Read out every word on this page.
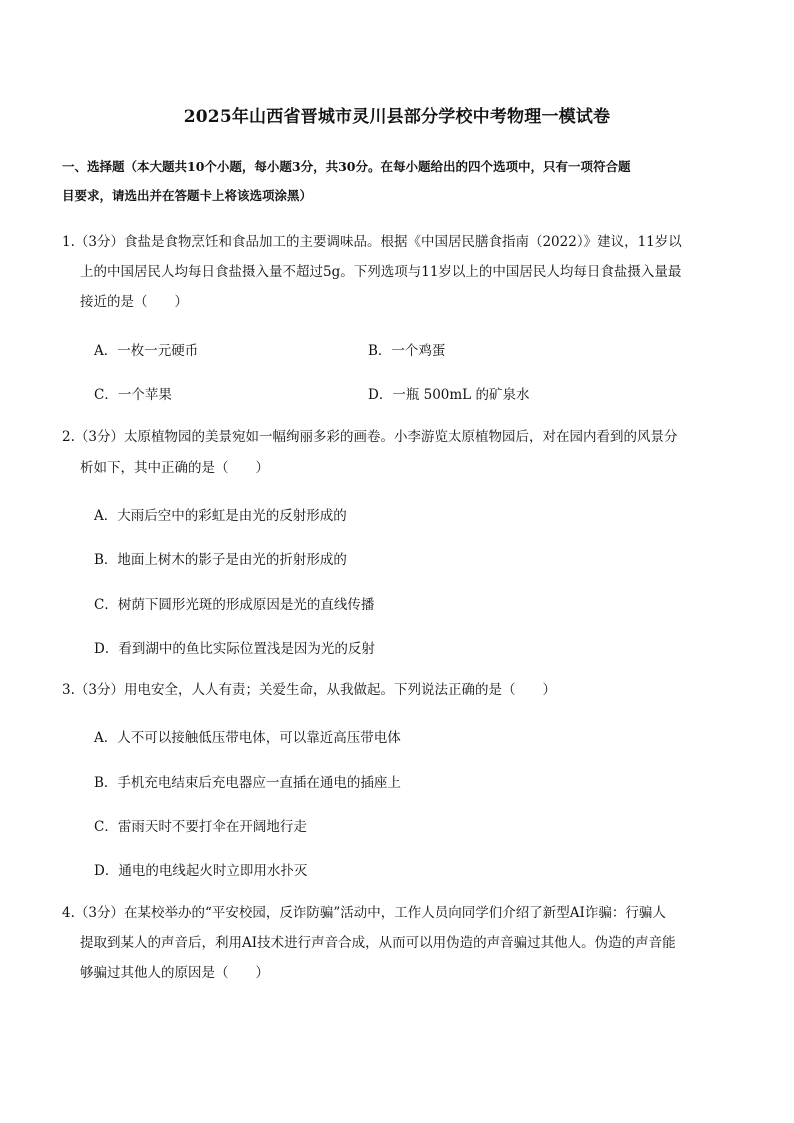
2025年山西省晋城市灵川县部分学校中考物理一模试卷
一、选择题（本大题共10个小题，每小题3分，共30分。在每小题给出的四个选项中，只有一项符合题
目要求，请选出并在答题卡上将该选项涂黑）
1.（3分）食盐是食物烹饪和食品加工的主要调味品。根据《中国居民膳食指南（2022）》建议，11岁以
上的中国居民人均每日食盐摄入量不超过5g。下列选项与11岁以上的中国居民人均每日食盐摄入量最
接近的是（　　）
A．一枚一元硬币	B．一个鸡蛋
C．一个苹果	D．一瓶 500mL 的矿泉水
2.（3分）太原植物园的美景宛如一幅绚丽多彩的画卷。小李游览太原植物园后，对在园内看到的风景分
析如下，其中正确的是（　　）
A．大雨后空中的彩虹是由光的反射形成的
B．地面上树木的影子是由光的折射形成的
C．树荫下圆形光斑的形成原因是光的直线传播
D．看到湖中的鱼比实际位置浅是因为光的反射
3.（3分）用电安全，人人有责；关爱生命，从我做起。下列说法正确的是（　　）
A．人不可以接触低压带电体，可以靠近高压带电体
B．手机充电结束后充电器应一直插在通电的插座上
C．雷雨天时不要打伞在开阔地行走
D．通电的电线起火时立即用水扑灭
4.（3分）在某校举办的“平安校园，反诈防骗”活动中，工作人员向同学们介绍了新型AI诈骗：行骗人
提取到某人的声音后，利用AI技术进行声音合成，从而可以用伪造的声音骗过其他人。伪造的声音能
够骗过其他人的原因是（　　）
